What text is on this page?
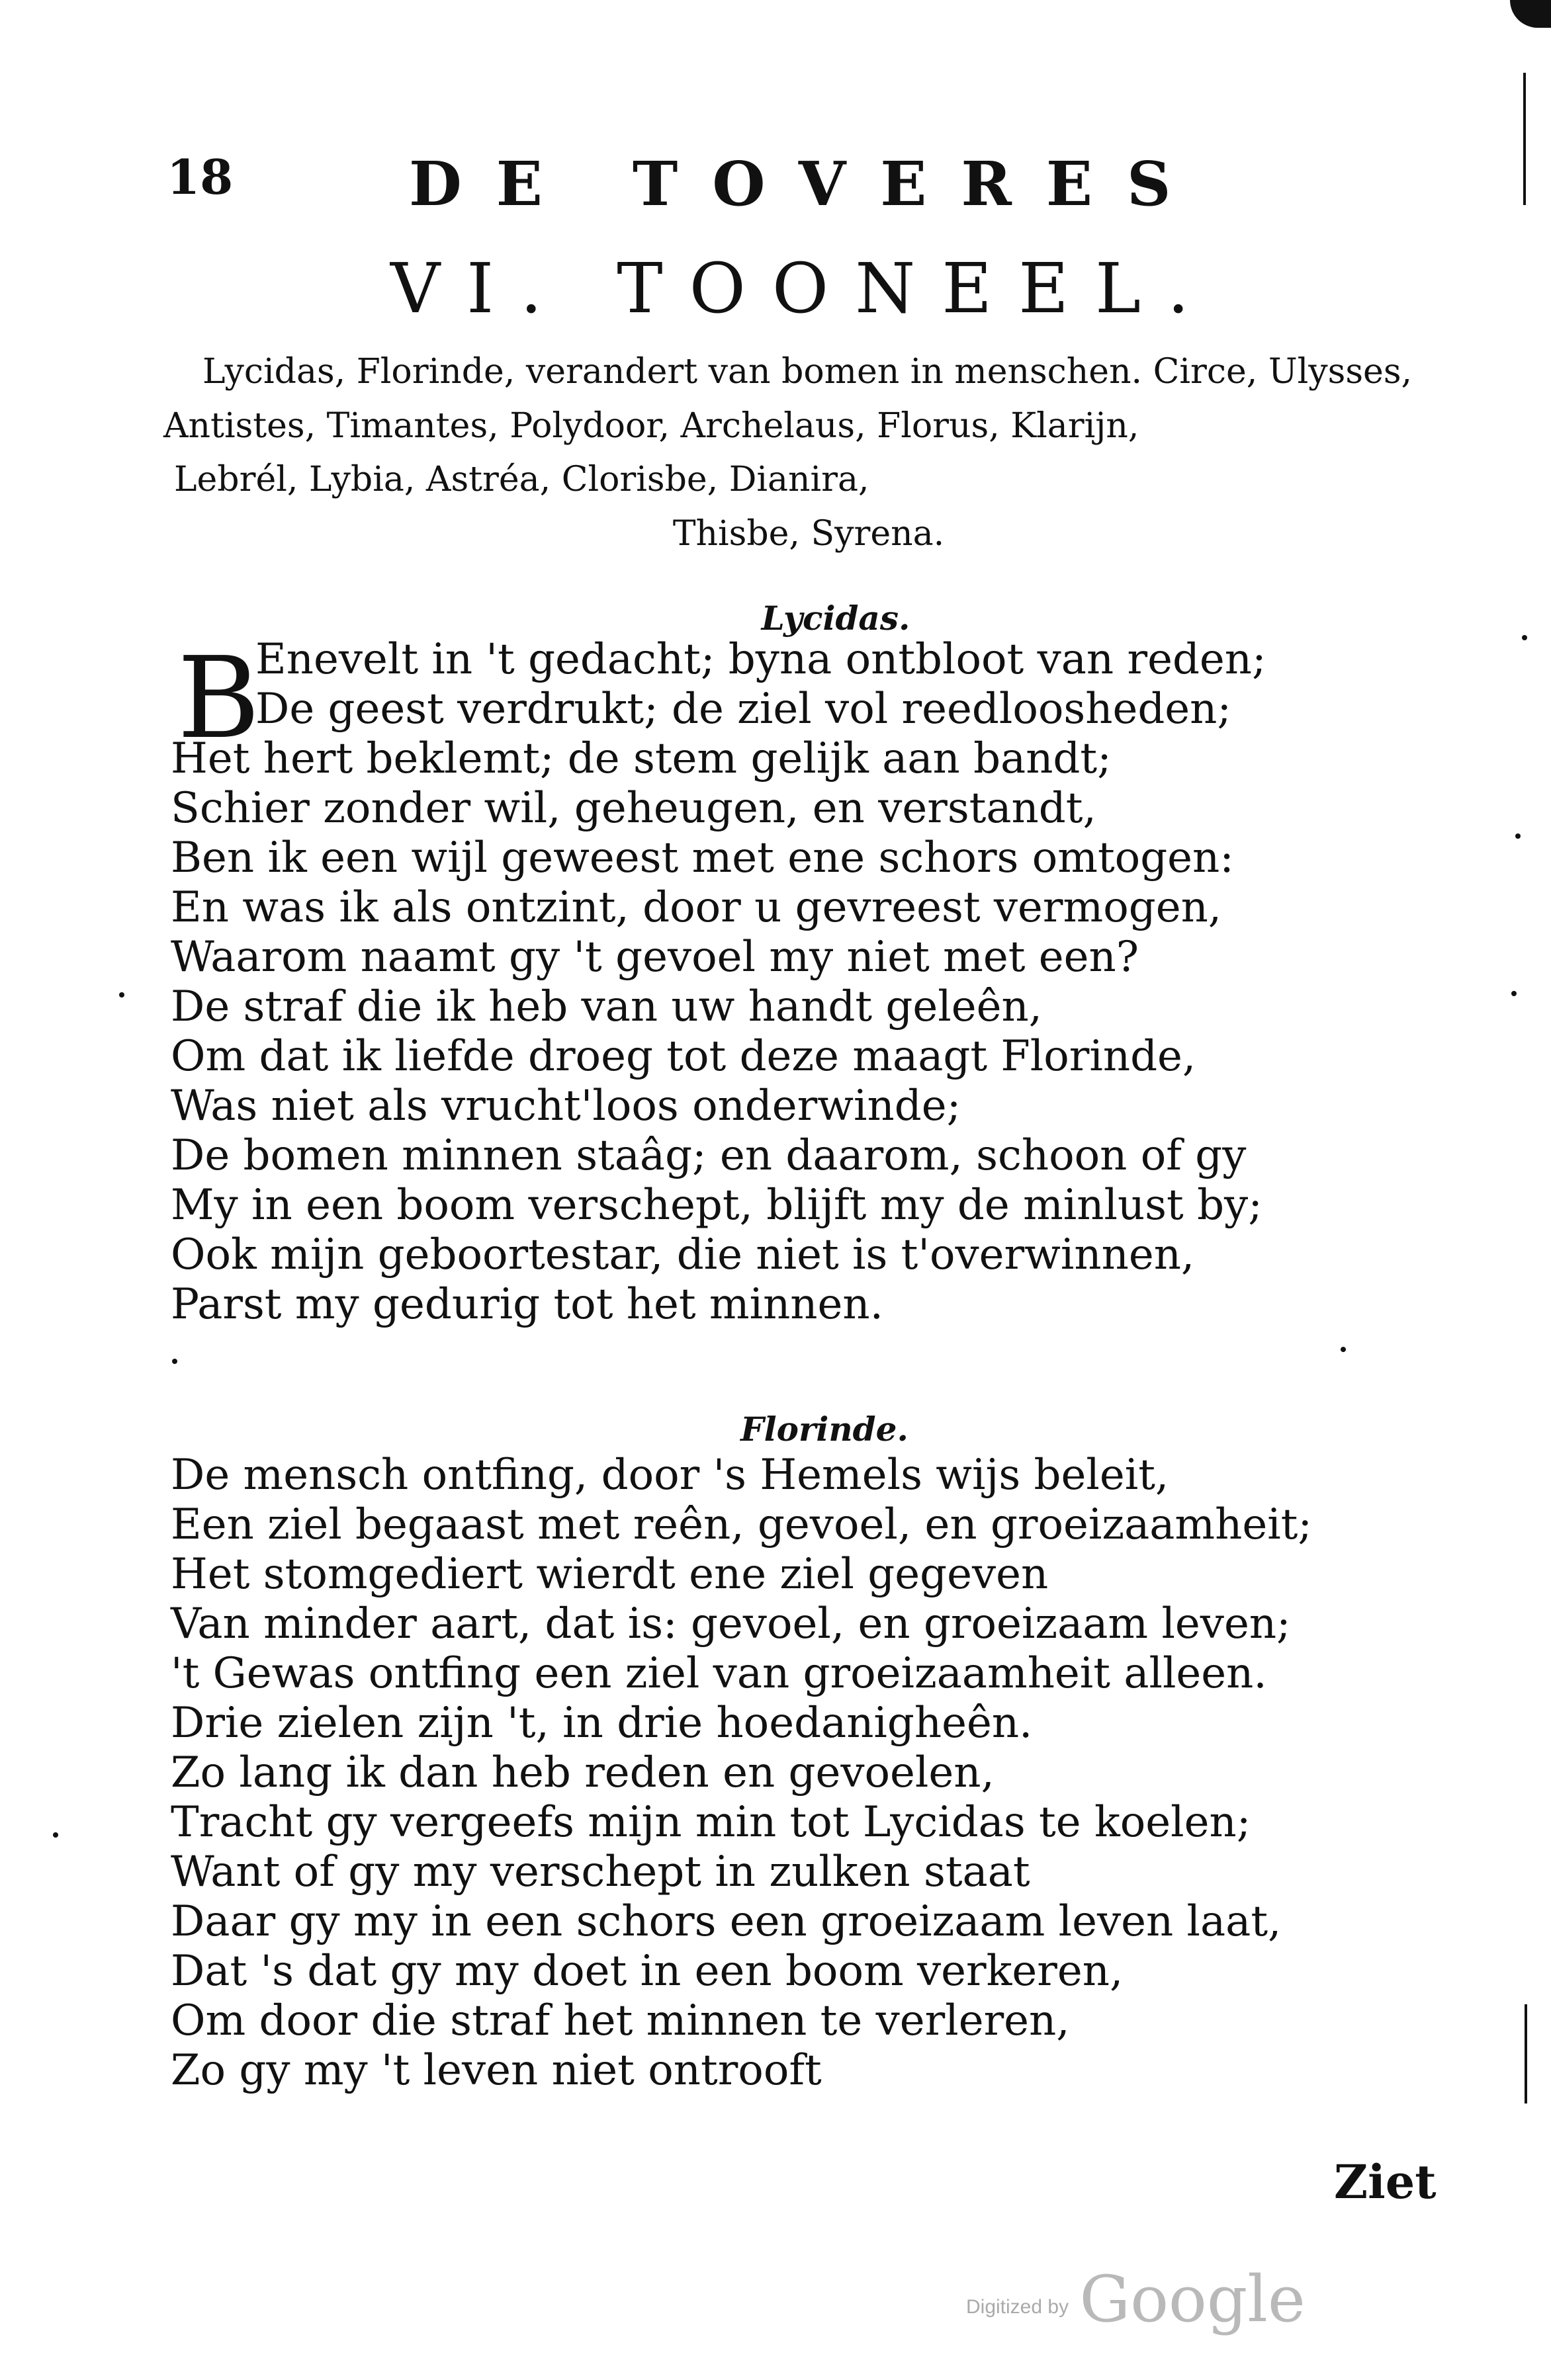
18	DE TOVERES
VI. TOONEEL.
Lycidas, Florinde, verandert van bomen in menschen. Circe, Ulysses,
Antistes, Timantes, Polydoor, Archelaus, Florus, Klarijn,
Lebrél, Lybia, Astréa, Clorisbe, Dianira,
Thisbe, Syrena.
Lycidas.
B
Enevelt in 't gedacht; byna ontbloot van reden;
De geest verdrukt; de ziel vol reedloosheden;
Het hert beklemt; de stem gelijk aan bandt;
Schier zonder wil, geheugen, en verstandt,
Ben ik een wijl geweest met ene schors omtogen:
En was ik als ontzint, door u gevreest vermogen,
Waarom naamt gy 't gevoel my niet met een?
De straf die ik heb van uw handt geleên,
Om dat ik liefde droeg tot deze maagt Florinde,
Was niet als vrucht'loos onderwinde;
De bomen minnen staâg; en daarom, schoon of gy
My in een boom verschept, blijft my de minlust by;
Ook mijn geboortestar, die niet is t'overwinnen,
Parst my gedurig tot het minnen.
Florinde.
De mensch ontfing, door 's Hemels wijs beleit,
Een ziel begaast met reên, gevoel, en groeizaamheit;
Het stomgediert wierdt ene ziel gegeven
Van minder aart, dat is: gevoel, en groeizaam leven;
't Gewas ontfing een ziel van groeizaamheit alleen.
Drie zielen zijn 't, in drie hoedanigheên.
Zo lang ik dan heb reden en gevoelen,
Tracht gy vergeefs mijn min tot Lycidas te koelen;
Want of gy my verschept in zulken staat
Daar gy my in een schors een groeizaam leven laat,
Dat 's dat gy my doet in een boom verkeren,
Om door die straf het minnen te verleren,
Zo gy my 't leven niet ontrooft
Ziet
Digitized by Google
